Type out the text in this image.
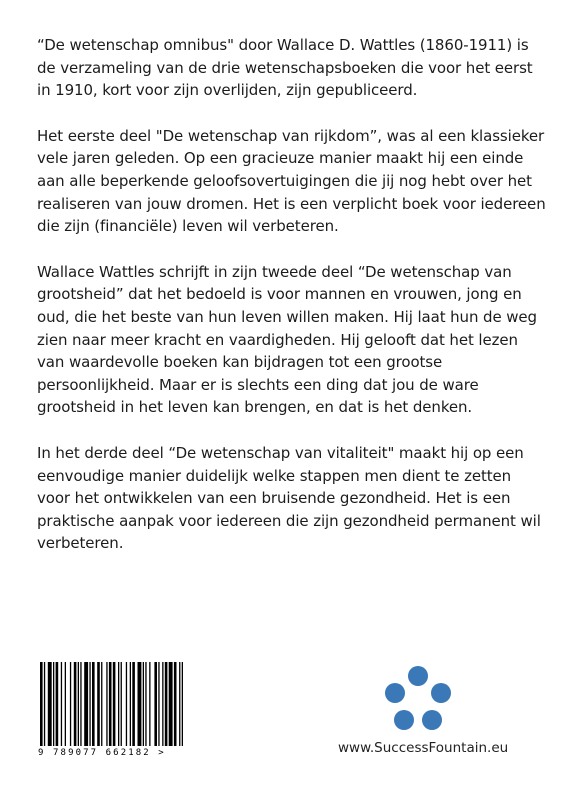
“De wetenschap omnibus" door Wallace D. Wattles (1860-1911) is de verzameling van de drie wetenschapsboeken die voor het eerst in 1910, kort voor zijn overlijden, zijn gepubliceerd.

Het eerste deel "De wetenschap van rijkdom”, was al een klassieker vele jaren geleden. Op een gracieuze manier maakt hij een einde aan alle beperkende geloofsovertuigingen die jij nog hebt over het realiseren van jouw dromen. Het is een verplicht boek voor iedereen die zijn (financiële) leven wil verbeteren.

Wallace Wattles schrijft in zijn tweede deel “De wetenschap van grootsheid” dat het bedoeld is voor mannen en vrouwen, jong en oud, die het beste van hun leven willen maken. Hij laat hun de weg zien naar meer kracht en vaardigheden. Hij gelooft dat het lezen van waardevolle boeken kan bijdragen tot een grootse persoonlijkheid. Maar er is slechts een ding dat jou de ware grootsheid in het leven kan brengen, en dat is het denken.

In het derde deel “De wetenschap van vitaliteit" maakt hij op een eenvoudige manier duidelijk welke stappen men dient te zetten voor het ontwikkelen van een bruisende gezondheid. Het is een praktische aanpak voor iedereen die zijn gezondheid permanent wil verbeteren.

9 789077 662182 >	www.SuccessFountain.eu
